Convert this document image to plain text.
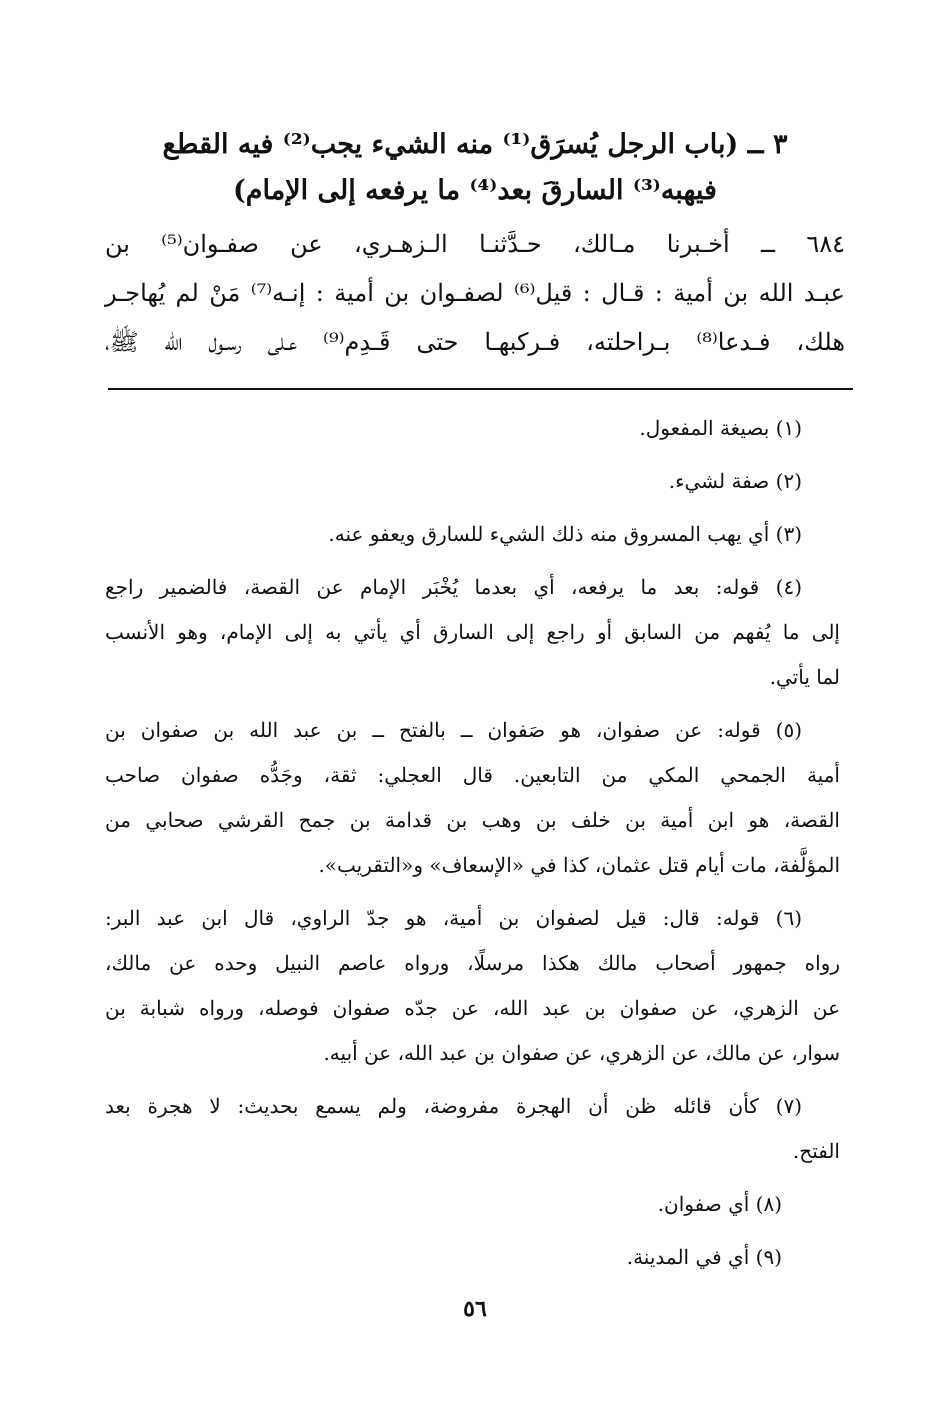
٣ ــ (باب الرجل يُسرَق⁽¹⁾ منه الشيء يجب⁽²⁾ فيه القطع
فيهبه⁽³⁾ السارقَ بعد⁽⁴⁾ ما يرفعه إلى الإمام)
٦٨٤ ــ أخـبرنا مـالك، حـدَّثنـا الـزهـري، عن صفـوان⁽⁵⁾ بن
عبـد الله بن أمية : قـال : قيل⁽⁶⁾ لصفـوان بن أمية : إنـه⁽⁷⁾ مَنْ لم يُهاجـر
هلك، فـدعا⁽⁸⁾ بـراحلته، فـركبهـا حتى قَـدِم⁽⁹⁾ عـلى رسـول الله ﷺ،
(١) بصيغة المفعول.
(٢) صفة لشيء.
(٣) أي يهب المسروق منه ذلك الشيء للسارق ويعفو عنه.
(٤) قوله: بعد ما يرفعه، أي بعدما يُخْبَر الإمام عن القصة، فالضمير راجع
إلى ما يُفهم من السابق أو راجع إلى السارق أي يأتي به إلى الإمام، وهو الأنسب
لما يأتي.
(٥) قوله: عن صفوان، هو صَفوان ــ بالفتح ــ بن عبد الله بن صفوان بن
أمية الجمحي المكي من التابعين. قال العجلي: ثقة، وجَدُّه صفوان صاحب
القصة، هو ابن أمية بن خلف بن وهب بن قدامة بن جمح القرشي صحابي من
المؤلَّفة، مات أيام قتل عثمان، كذا في «الإسعاف» و«التقريب».
(٦) قوله: قال: قيل لصفوان بن أمية، هو جدّ الراوي، قال ابن عبد البر:
رواه جمهور أصحاب مالك هكذا مرسلًا، ورواه عاصم النبيل وحده عن مالك،
عن الزهري، عن صفوان بن عبد الله، عن جدّه صفوان فوصله، ورواه شبابة بن
سوار، عن مالك، عن الزهري، عن صفوان بن عبد الله، عن أبيه.
(٧) كأن قائله ظن أن الهجرة مفروضة، ولم يسمع بحديث: لا هجرة بعد
الفتح.
(٨) أي صفوان.
(٩) أي في المدينة.
٥٦
